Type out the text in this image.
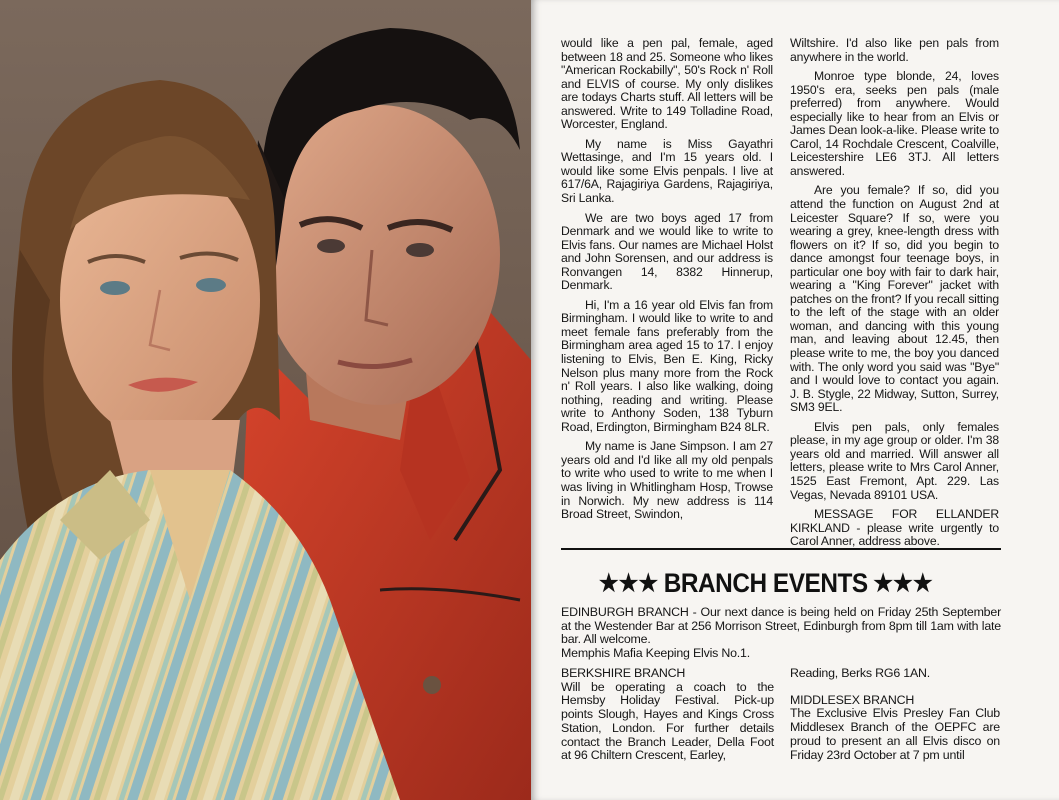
would like a pen pal, female, aged between 18 and 25. Someone who likes "American Rockabilly", 50's Rock n' Roll and ELVIS of course. My only dislikes are todays Charts stuff. All letters will be answered. Write to 149 Tolladine Road, Worcester, England.

My name is Miss Gayathri Wettasinge, and I'm 15 years old. I would like some Elvis penpals. I live at 617/6A, Rajagiriya Gardens, Rajagiriya, Sri Lanka.

We are two boys aged 17 from Denmark and we would like to write to Elvis fans. Our names are Michael Holst and John Sorensen, and our address is Ronvangen 14, 8382 Hinnerup, Denmark.

Hi, I'm a 16 year old Elvis fan from Birmingham. I would like to write to and meet female fans preferably from the Birmingham area aged 15 to 17. I enjoy listening to Elvis, Ben E. King, Ricky Nelson plus many more from the Rock n' Roll years. I also like walking, doing nothing, reading and writing. Please write to Anthony Soden, 138 Tyburn Road, Erdington, Birmingham B24 8LR.

My name is Jane Simpson. I am 27 years old and I'd like all my old penpals to write who used to write to me when I was living in Whitlingham Hosp, Trowse in Norwich. My new address is 114 Broad Street, Swindon,

Wiltshire. I'd also like pen pals from anywhere in the world.

Monroe type blonde, 24, loves 1950's era, seeks pen pals (male preferred) from anywhere. Would especially like to hear from an Elvis or James Dean look-a-like. Please write to Carol, 14 Rochdale Crescent, Coalville, Leicestershire LE6 3TJ. All letters answered.

Are you female? If so, did you attend the function on August 2nd at Leicester Square? If so, were you wearing a grey, knee-length dress with flowers on it? If so, did you begin to dance amongst four teenage boys, in particular one boy with fair to dark hair, wearing a "King Forever" jacket with patches on the front? If you recall sitting to the left of the stage with an older woman, and dancing with this young man, and leaving about 12.45, then please write to me, the boy you danced with. The only word you said was "Bye" and I would love to contact you again. J. B. Stygle, 22 Midway, Sutton, Surrey, SM3 9EL.

Elvis pen pals, only females please, in my age group or older. I'm 38 years old and married. Will answer all letters, please write to Mrs Carol Anner, 1525 East Fremont, Apt. 229. Las Vegas, Nevada 89101 USA.

MESSAGE FOR ELLANDER KIRKLAND - please write urgently to Carol Anner, address above.

★★★ BRANCH EVENTS ★★★

EDINBURGH BRANCH - Our next dance is being held on Friday 25th September at the Westender Bar at 256 Morrison Street, Edinburgh from 8pm till 1am with late bar. All welcome.

Memphis Mafia Keeping Elvis No.1.

BERKSHIRE BRANCH

Will be operating a coach to the Hemsby Holiday Festival. Pick-up points Slough, Hayes and Kings Cross Station, London. For further details contact the Branch Leader, Della Foot at 96 Chiltern Crescent, Earley,

Reading, Berks RG6 1AN.

MIDDLESEX BRANCH

The Exclusive Elvis Presley Fan Club Middlesex Branch of the OEPFC are proud to present an all Elvis disco on Friday 23rd October at 7 pm until
